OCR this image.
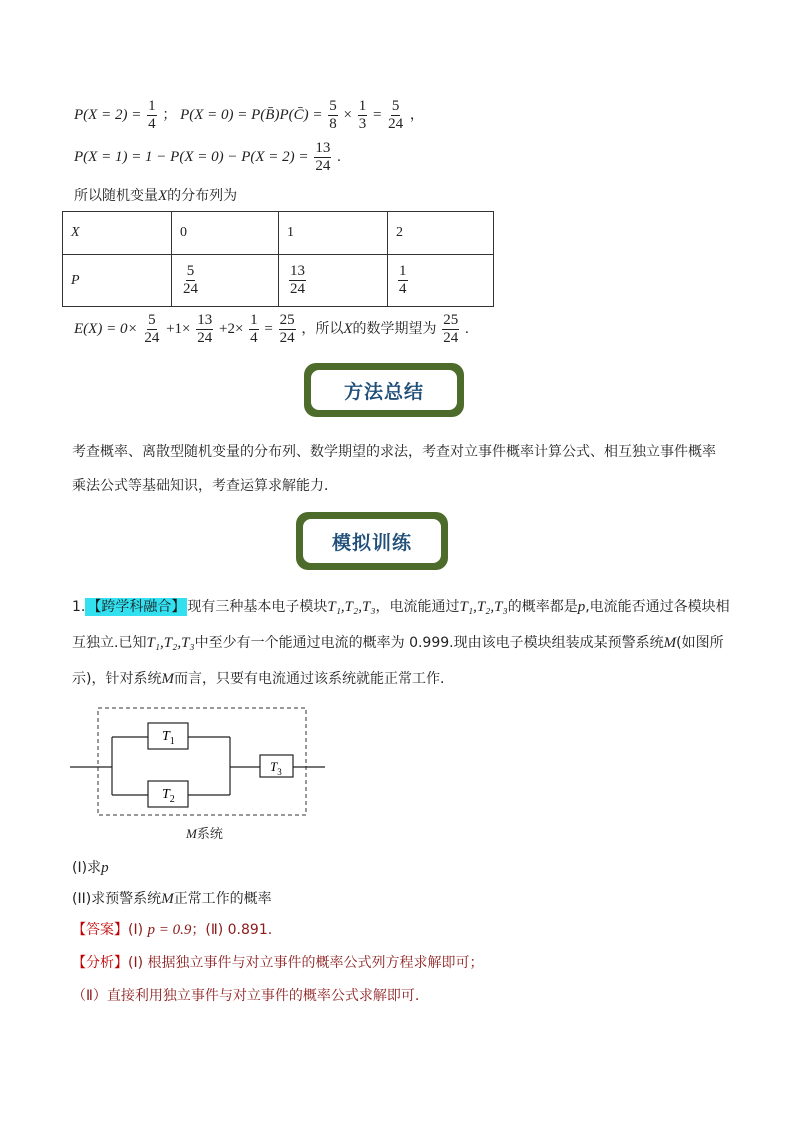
$P(X = 2) = \frac{1}{4}$ ； P(X = 0) = P(B̄)P(C̄) = $\frac{5}{8} \times \frac{1}{3} = \frac{5}{24}$ ，
$P(X = 1) = 1 - P(X = 0) - P(X = 2) = \frac{13}{24}$ .
所以随机变量X的分布列为
X	0	1	2
P	$\frac{5}{24}$	$\frac{13}{24}$	$\frac{1}{4}$
$E(X) = 0\times \frac{5}{24} +1\times \frac{13}{24} +2\times \frac{1}{4} = \frac{25}{24}$ ，所以X的数学期望为 $\frac{25}{24}$ .
方法总结
考查概率、离散型随机变量的分布列、数学期望的求法，考查对立事件概率计算公式、相互独立事件概率
乘法公式等基础知识，考查运算求解能力．
模拟训练
1. 【跨学科融合】 现有三种基本电子模块T₁,T₂,T₃，电流能通过T₁,T₂,T₃的概率都是p,电流能否通过各模块相
互独立.已知T₁,T₂,T₃中至少有一个能通过电流的概率为 0.999.现由该电子模块组装成某预警系统M(如图所
示)，针对系统M而言，只要有电流通过该系统就能正常工作.
$T_1$
$T_2$
$T_3$
M系统
(Ⅰ)求p
(II)求预警系统M正常工作的概率
【答案】(Ⅰ) p = 0.9；(Ⅱ) 0.891.
【分析】(Ⅰ) 根据独立事件与对立事件的概率公式列方程求解即可；
（Ⅱ）直接利用独立事件与对立事件的概率公式求解即可.
